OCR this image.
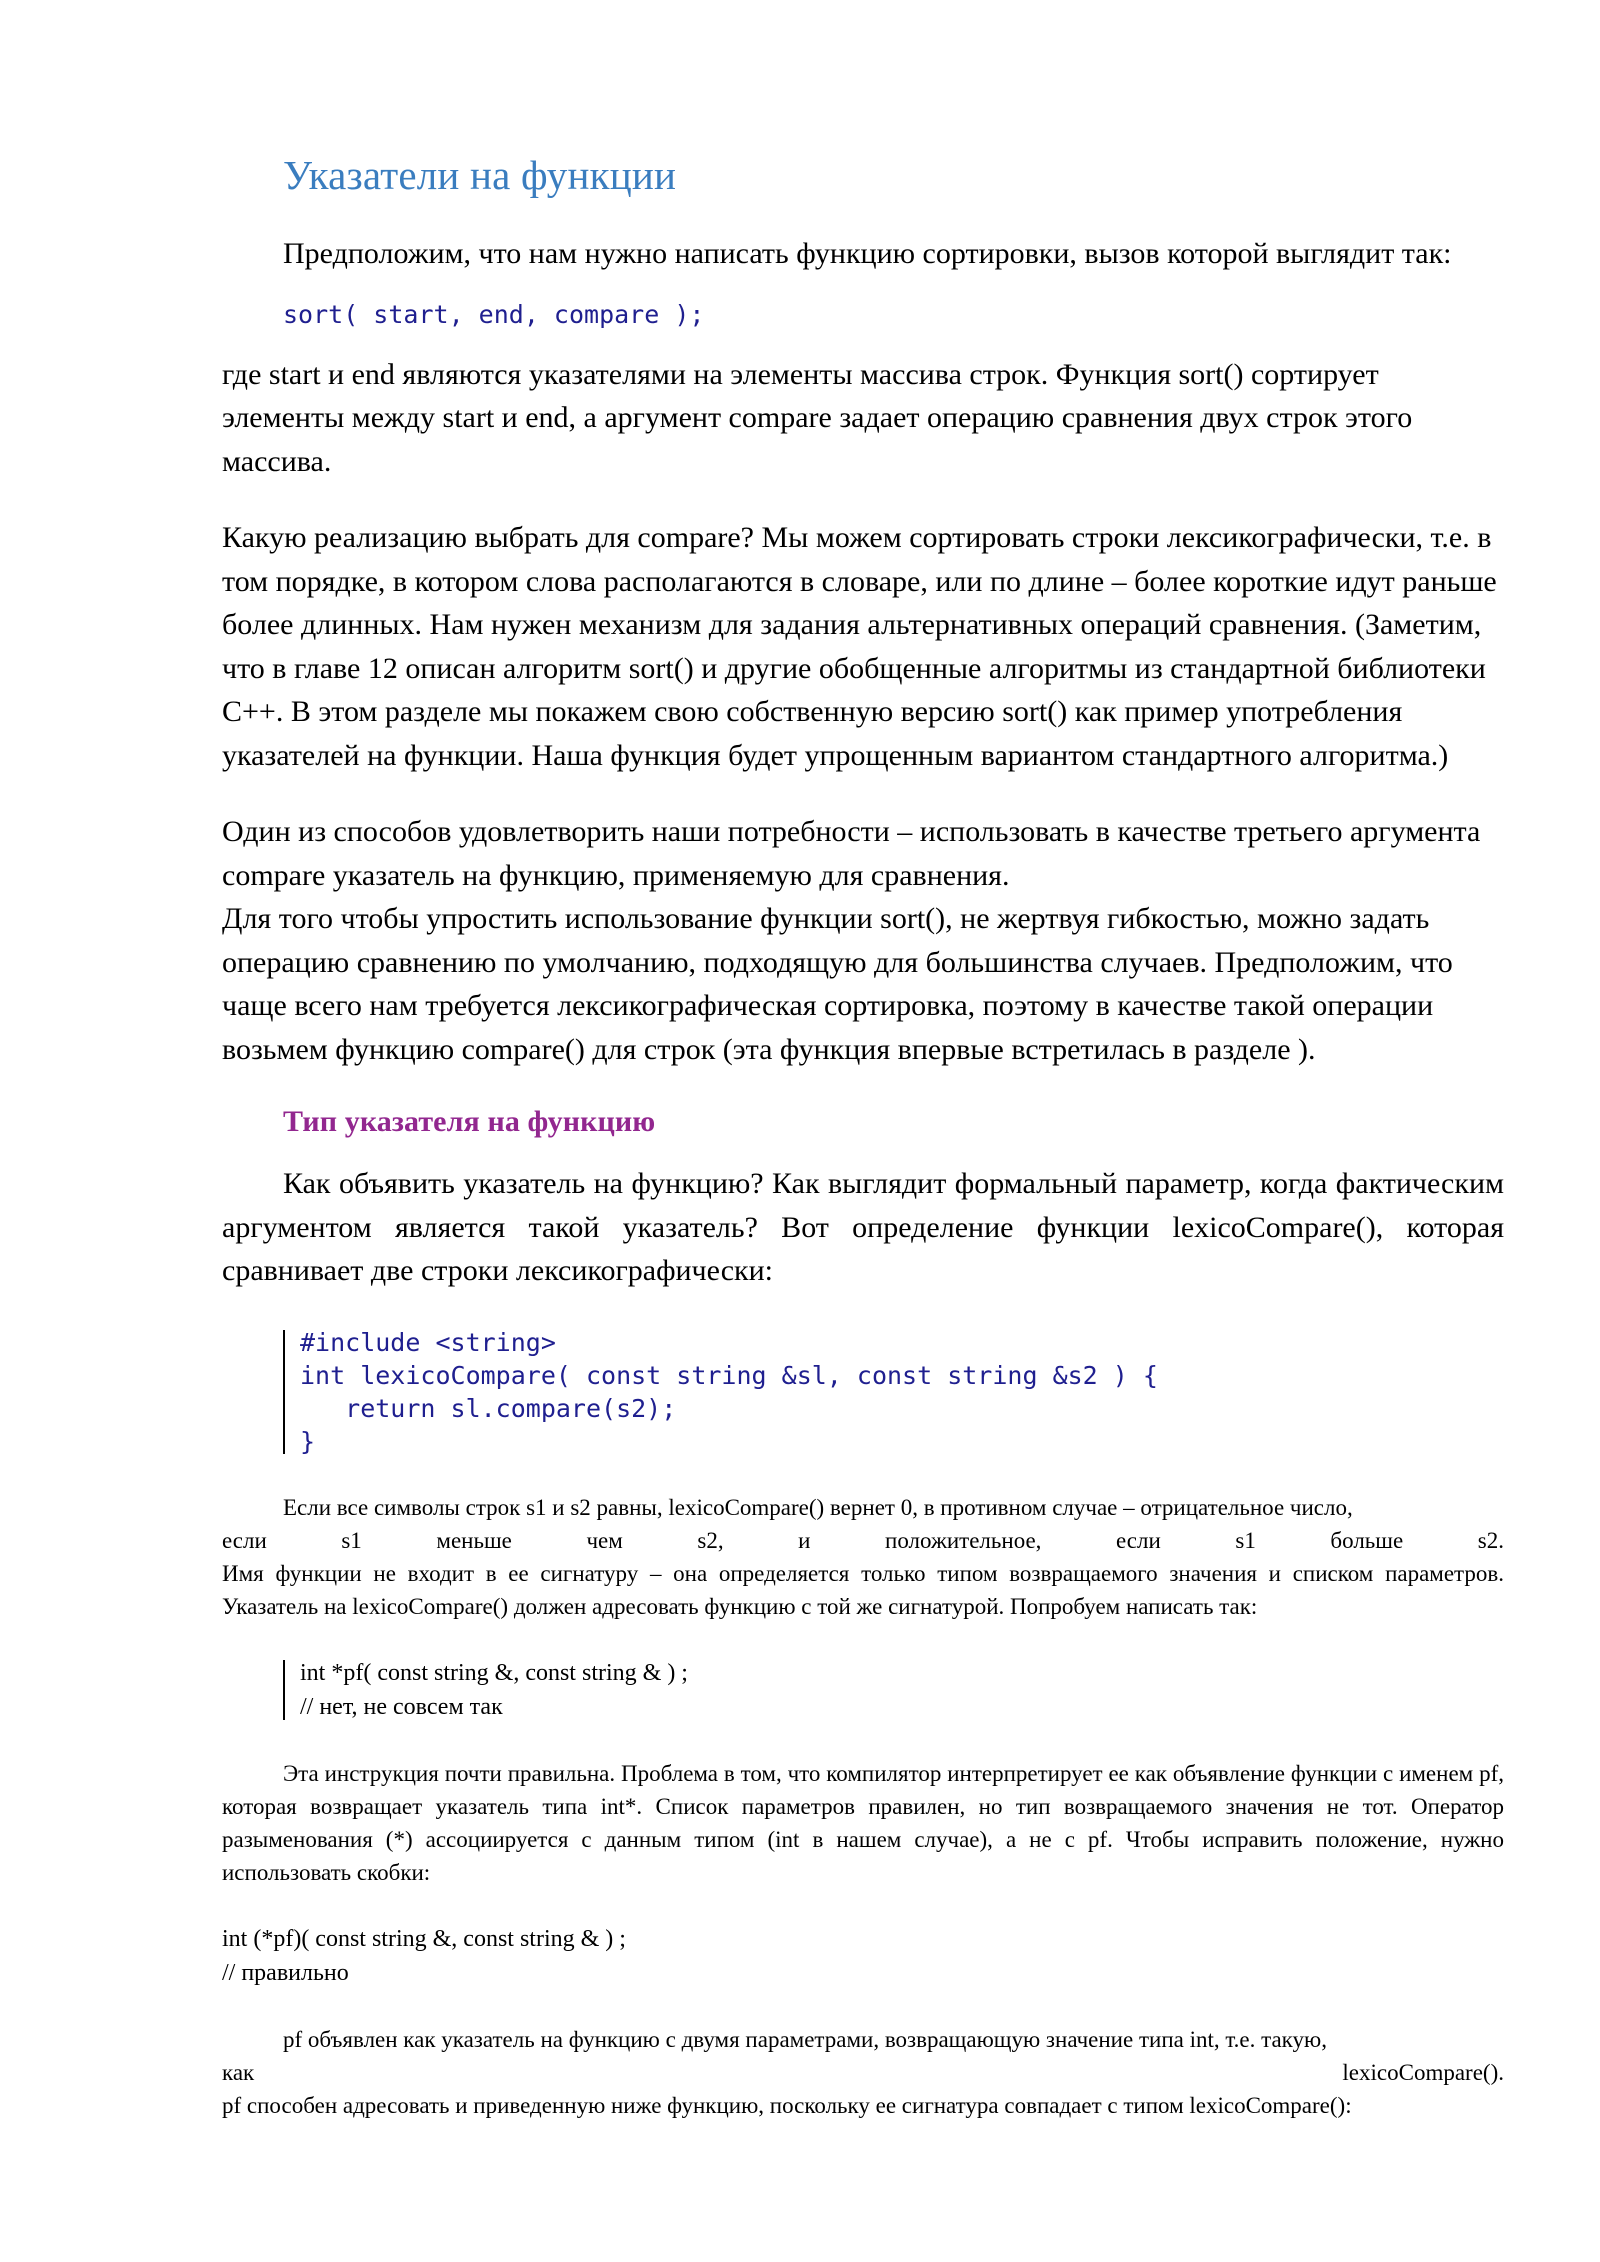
Указатели на функции

Предположим, что нам нужно написать функцию сортировки, вызов которой выглядит так:

sort( start, end, compare );

где start и end являются указателями на элементы массива строк. Функция sort() сортирует элементы между start и end, а аргумент compare задает операцию сравнения двух строк этого массива.

Какую реализацию выбрать для compare? Мы можем сортировать строки лексикографически, т.е. в том порядке, в котором слова располагаются в словаре, или по длине – более короткие идут раньше более длинных. Нам нужен механизм для задания альтернативных операций сравнения. (Заметим, что в главе 12 описан алгоритм sort() и другие обобщенные алгоритмы из стандартной библиотеки С++. В этом разделе мы покажем свою собственную версию sort() как пример употребления указателей на функции. Наша функция будет упрощенным вариантом стандартного алгоритма.)

Один из способов удовлетворить наши потребности – использовать в качестве третьего аргумента compare указатель на функцию, применяемую для сравнения.

Для того чтобы упростить использование функции sort(), не жертвуя гибкостью, можно задать операцию сравнению по умолчанию, подходящую для большинства случаев. Предположим, что чаще всего нам требуется лексикографическая сортировка, поэтому в качестве такой операции возьмем функцию compare() для строк (эта функция впервые встретилась в разделе ).

Тип указателя на функцию

Как объявить указатель на функцию? Как выглядит формальный параметр, когда фактическим аргументом является такой указатель? Вот определение функции lexicoCompare(), которая сравнивает две строки лексикографически:

#include <string>
int lexicoCompare( const string &sl, const string &s2 ) {
return sl.compare(s2);
}

Если все символы строк s1 и s2 равны, lexicoCompare() вернет 0, в противном случае – отрицательное число,

если s1 меньше чем s2, и положительное, если s1 больше s2.

Имя функции не входит в ее сигнатуру – она определяется только типом возвращаемого значения и списком параметров. Указатель на lexicoCompare() должен адресовать функцию с той же сигнатурой. Попробуем написать так:

int *pf( const string &, const string & ) ;

// нет, не совсем так

Эта инструкция почти правильна. Проблема в том, что компилятор интерпретирует ее как объявление функции с именем pf, которая возвращает указатель типа int*. Список параметров правилен, но тип возвращаемого значения не тот. Оператор разыменования (*) ассоциируется с данным типом (int в нашем случае), а не с pf. Чтобы исправить положение, нужно использовать скобки:

int (*pf)( const string &, const string & ) ;

// правильно

pf объявлен как указатель на функцию с двумя параметрами, возвращающую значение типа int, т.е. такую,

как	lexicoCompare().

pf способен адресовать и приведенную ниже функцию, поскольку ее сигнатура совпадает с типом lexicoCompare():
